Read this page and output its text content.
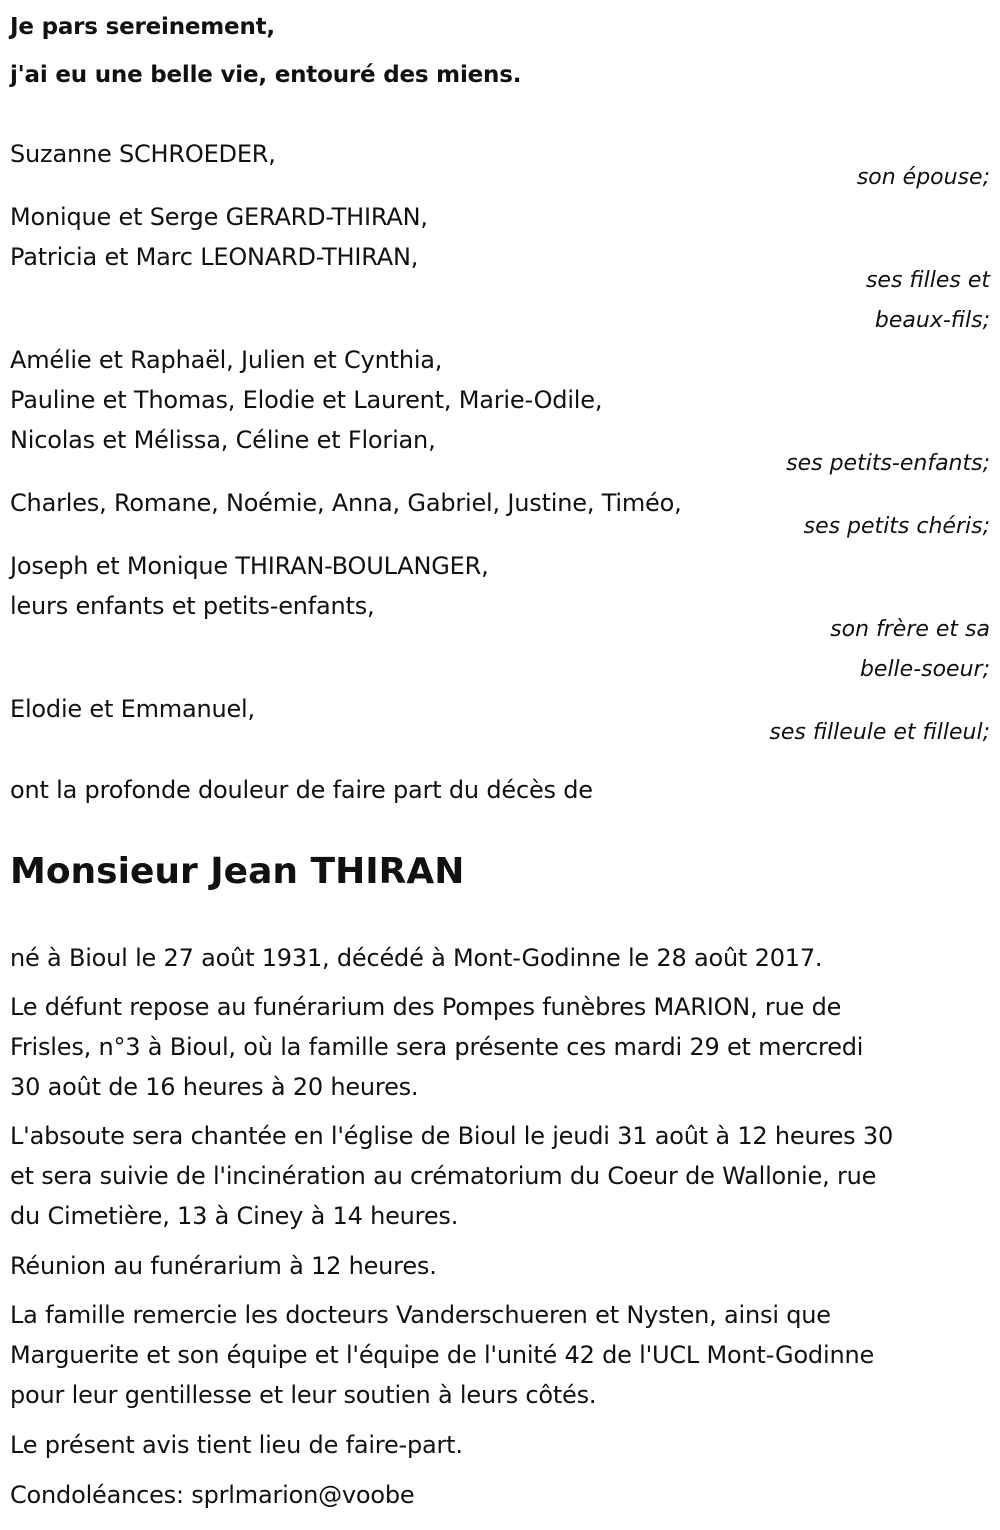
Je pars sereinement,
j'ai eu une belle vie, entouré des miens.
Suzanne SCHROEDER,
son épouse;
Monique et Serge GERARD-THIRAN,
Patricia et Marc LEONARD-THIRAN,
ses filles et
beaux-fils;
Amélie et Raphaël, Julien et Cynthia,
Pauline et Thomas, Elodie et Laurent, Marie-Odile,
Nicolas et Mélissa, Céline et Florian,
ses petits-enfants;
Charles, Romane, Noémie, Anna, Gabriel, Justine, Timéo,
ses petits chéris;
Joseph et Monique THIRAN-BOULANGER,
leurs enfants et petits-enfants,
son frère et sa
belle-soeur;
Elodie et Emmanuel,
ses filleule et filleul;
ont la profonde douleur de faire part du décès de
Monsieur Jean THIRAN
né à Bioul le 27 août 1931, décédé à Mont-Godinne le 28 août 2017.
Le défunt repose au funérarium des Pompes funèbres MARION, rue de
Frisles, n°3 à Bioul, où la famille sera présente ces mardi 29 et mercredi
30 août de 16 heures à 20 heures.
L'absoute sera chantée en l'église de Bioul le jeudi 31 août à 12 heures 30
et sera suivie de l'incinération au crématorium du Coeur de Wallonie, rue
du Cimetière, 13 à Ciney à 14 heures.
Réunion au funérarium à 12 heures.
La famille remercie les docteurs Vanderschueren et Nysten, ainsi que
Marguerite et son équipe et l'équipe de l'unité 42 de l'UCL Mont-Godinne
pour leur gentillesse et leur soutien à leurs côtés.
Le présent avis tient lieu de faire-part.
Condoléances: sprlmarion@voobe
